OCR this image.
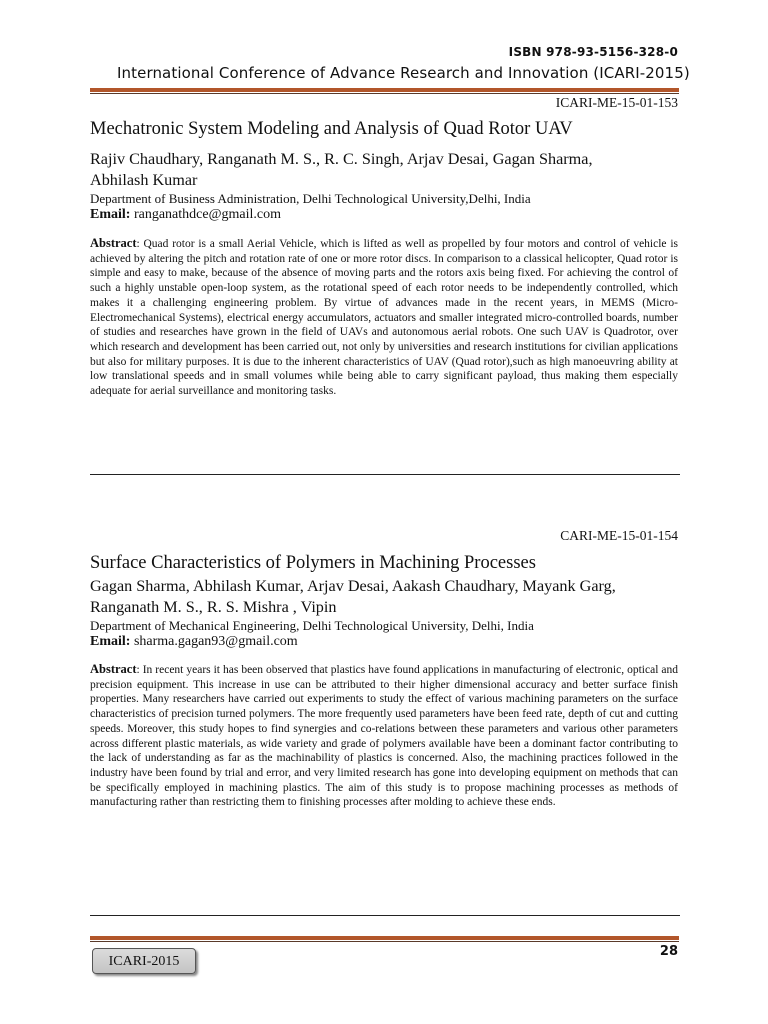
ISBN 978-93-5156-328-0
International Conference of Advance Research and Innovation (ICARI-2015)
ICARI-ME-15-01-153
Mechatronic System Modeling and Analysis of Quad Rotor UAV
Rajiv Chaudhary, Ranganath M. S., R. C. Singh, Arjav Desai, Gagan Sharma,
Abhilash Kumar
Department of Business Administration, Delhi Technological University,Delhi, India
Email: ranganathdce@gmail.com
Abstract: Quad rotor is a small Aerial Vehicle, which is lifted as well as propelled by four motors and control of vehicle is achieved by altering the pitch and rotation rate of one or more rotor discs. In comparison to a classical helicopter, Quad rotor is simple and easy to make, because of the absence of moving parts and the rotors axis being fixed. For achieving the control of such a highly unstable open-loop system, as the rotational speed of each rotor needs to be independently controlled, which makes it a challenging engineering problem. By virtue of advances made in the recent years, in MEMS (Micro-Electromechanical Systems), electrical energy accumulators, actuators and smaller integrated micro-controlled boards, number of studies and researches have grown in the field of UAVs and autonomous aerial robots. One such UAV is Quadrotor, over which research and development has been carried out, not only by universities and research institutions for civilian applications but also for military purposes. It is due to the inherent characteristics of UAV (Quad rotor),such as high manoeuvring ability at low translational speeds and in small volumes while being able to carry significant payload, thus making them especially adequate for aerial surveillance and monitoring tasks.
CARI-ME-15-01-154
Surface Characteristics of Polymers in Machining Processes
Gagan Sharma, Abhilash Kumar, Arjav Desai, Aakash Chaudhary, Mayank Garg,
Ranganath M. S., R. S. Mishra , Vipin
Department of Mechanical Engineering, Delhi Technological University, Delhi, India
Email: sharma.gagan93@gmail.com
Abstract: In recent years it has been observed that plastics have found applications in manufacturing of electronic, optical and precision equipment. This increase in use can be attributed to their higher dimensional accuracy and better surface finish properties. Many researchers have carried out experiments to study the effect of various machining parameters on the surface characteristics of precision turned polymers. The more frequently used parameters have been feed rate, depth of cut and cutting speeds. Moreover, this study hopes to find synergies and co-relations between these parameters and various other parameters across different plastic materials, as wide variety and grade of polymers available have been a dominant factor contributing to the lack of understanding as far as the machinability of plastics is concerned. Also, the machining practices followed in the industry have been found by trial and error, and very limited research has gone into developing equipment on methods that can be specifically employed in machining plastics. The aim of this study is to propose machining processes as methods of manufacturing rather than restricting them to finishing processes after molding to achieve these ends.
ICARI-2015
28
